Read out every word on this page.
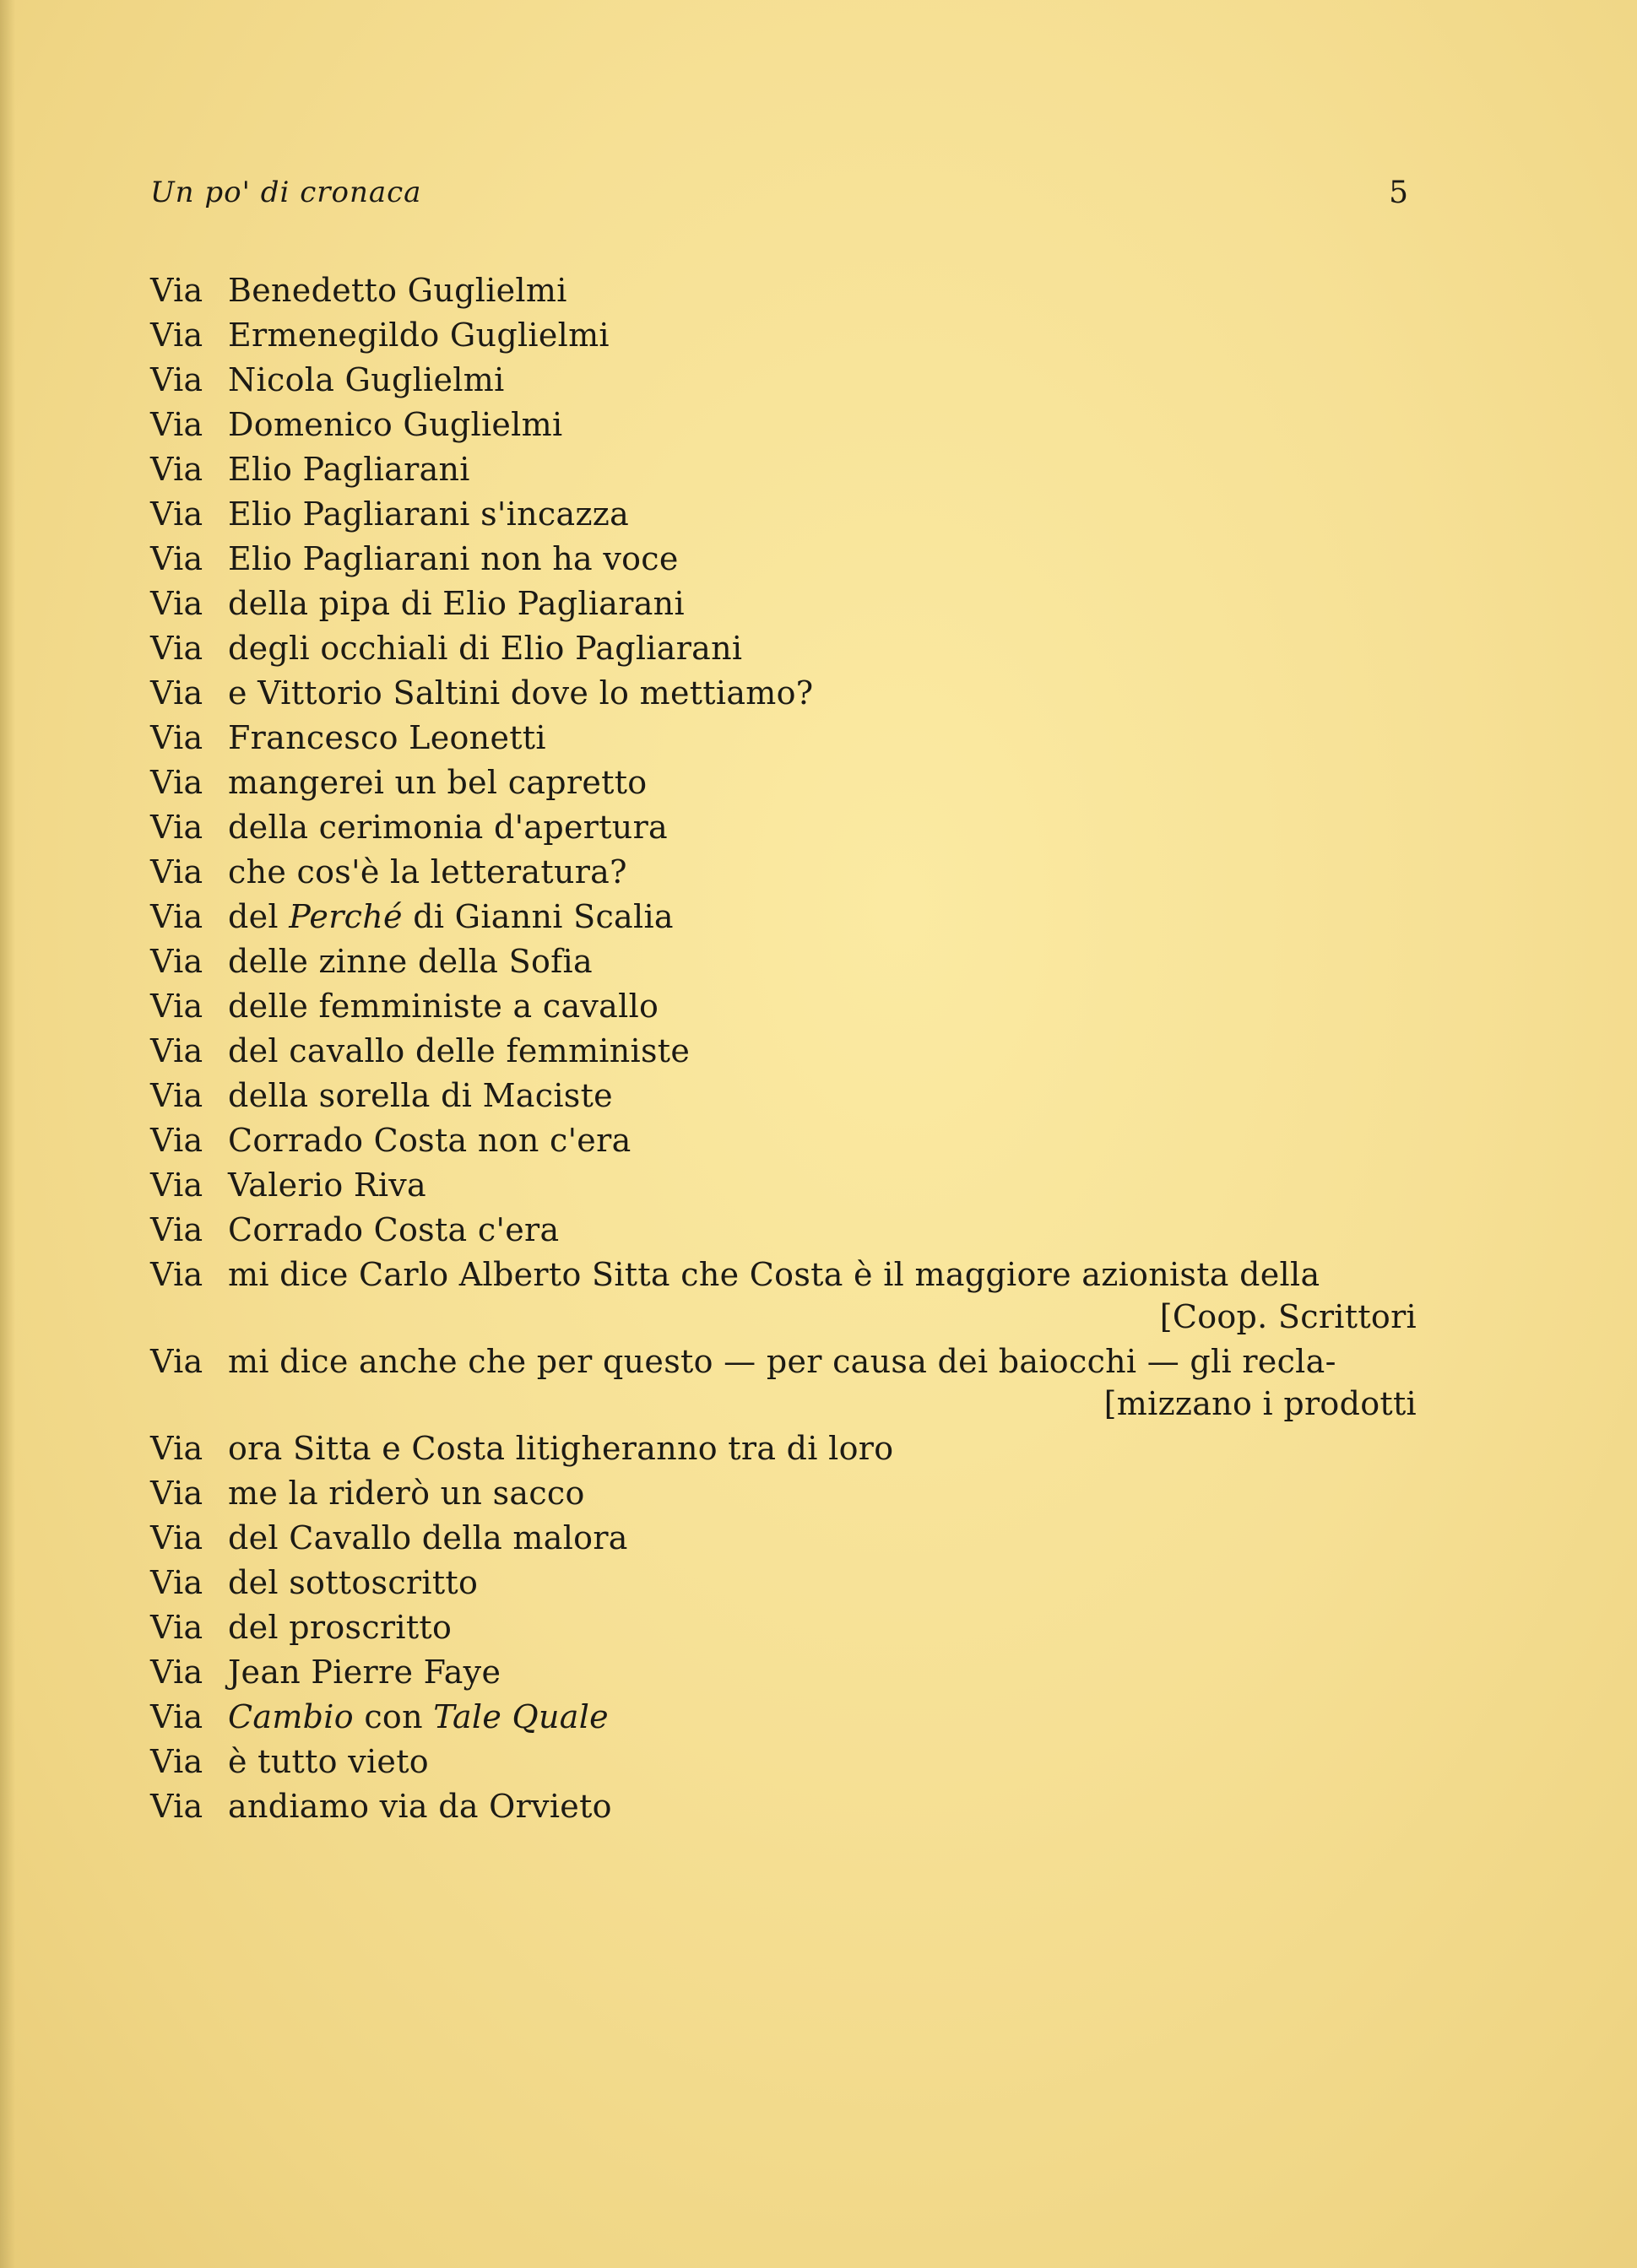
Un po' di cronaca	5
Via Benedetto Guglielmi
Via Ermenegildo Guglielmi
Via Nicola Guglielmi
Via Domenico Guglielmi
Via Elio Pagliarani
Via Elio Pagliarani s'incazza
Via Elio Pagliarani non ha voce
Via della pipa di Elio Pagliarani
Via degli occhiali di Elio Pagliarani
Via e Vittorio Saltini dove lo mettiamo?
Via Francesco Leonetti
Via mangerei un bel capretto
Via della cerimonia d'apertura
Via che cos'è la letteratura?
Via del Perché di Gianni Scalia
Via delle zinne della Sofia
Via delle femministe a cavallo
Via del cavallo delle femministe
Via della sorella di Maciste
Via Corrado Costa non c'era
Via Valerio Riva
Via Corrado Costa c'era
Via mi dice Carlo Alberto Sitta che Costa è il maggiore azionista della
[Coop. Scrittori
Via mi dice anche che per questo — per causa dei baiocchi — gli recla-
[mizzano i prodotti
Via ora Sitta e Costa litigheranno tra di loro
Via me la riderò un sacco
Via del Cavallo della malora
Via del sottoscritto
Via del proscritto
Via Jean Pierre Faye
Via Cambio con Tale Quale
Via è tutto vieto
Via andiamo via da Orvieto
